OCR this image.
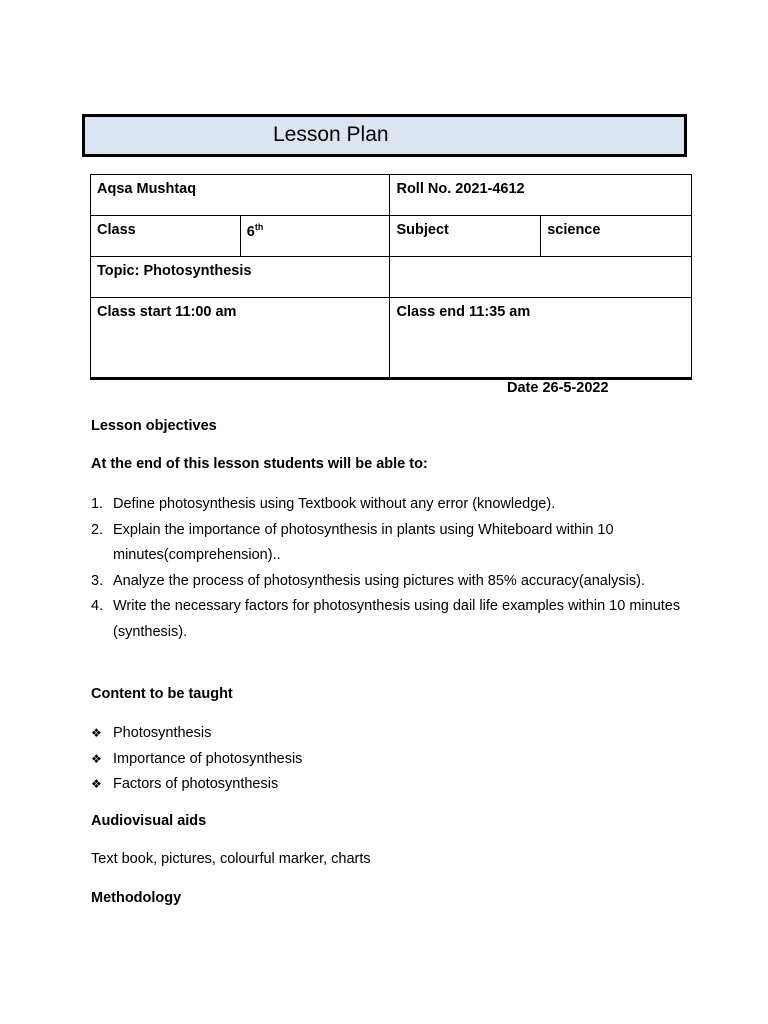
Lesson Plan
Aqsa Mushtaq		Roll No. 2021-4612	
Class	6th	Subject	science
Topic: Photosynthesis			
Class start 11:00 am		Class end 11:35 am	
Date 26-5-2022
Lesson objectives
At the end of this lesson students will be able to:
1. Define photosynthesis using Textbook without any error (knowledge).
2. Explain the importance of photosynthesis in plants using Whiteboard within 10 minutes(comprehension)..
3. Analyze the process of photosynthesis using pictures with 85% accuracy(analysis).
4. Write the necessary factors for photosynthesis using dail life examples within 10 minutes (synthesis).
Content to be taught
❖ Photosynthesis
❖ Importance of photosynthesis
❖ Factors of photosynthesis
Audiovisual aids
Text book, pictures, colourful marker, charts
Methodology
